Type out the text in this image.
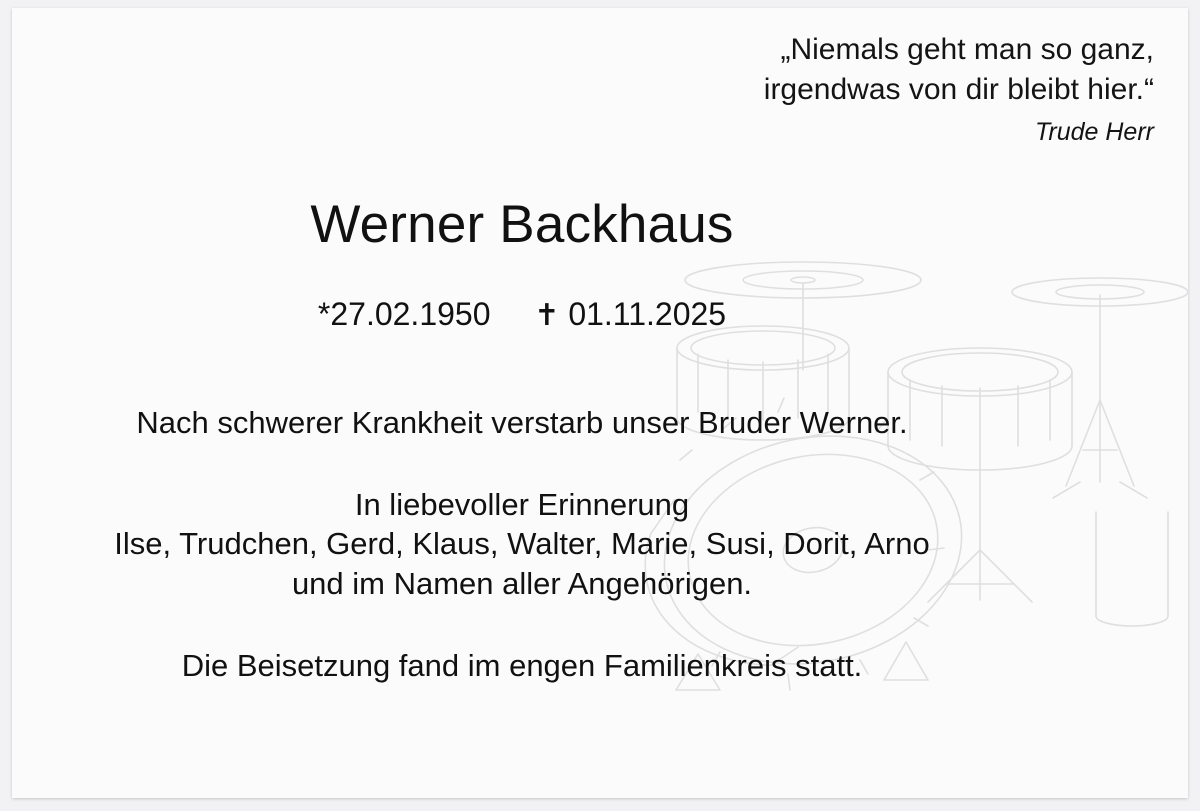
„Niemals geht man so ganz,
irgendwas von dir bleibt hier.“
Trude Herr
Werner Backhaus
*27.02.1950 ✝ 01.11.2025

Nach schwerer Krankheit verstarb unser Bruder Werner.

In liebevoller Erinnerung
Ilse, Trudchen, Gerd, Klaus, Walter, Marie, Susi, Dorit, Arno
und im Namen aller Angehörigen.

Die Beisetzung fand im engen Familienkreis statt.
